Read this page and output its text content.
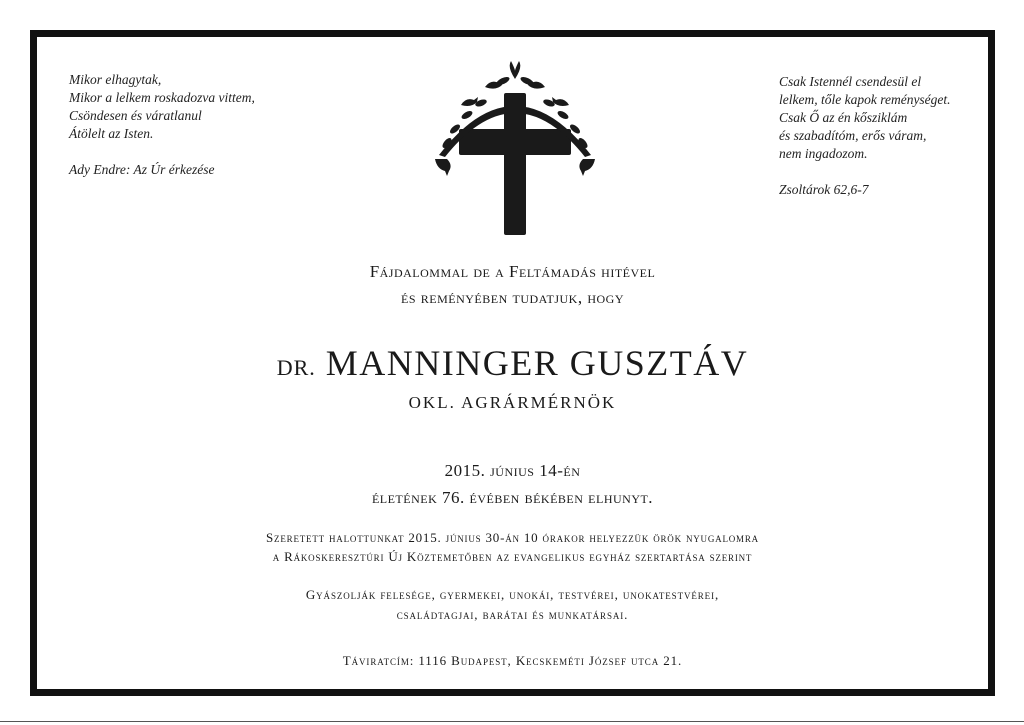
Mikor elhagytak,
Mikor a lelkem roskadozva vittem,
Csöndesen és váratlanul
Átölelt az Isten.
Ady Endre: Az Úr érkezése
Csak Istennél csendesül el
lelkem, tőle kapok reménységet.
Csak Ő az én kősziklám
és szabadítóm, erős váram,
nem ingadozom.
Zsoltárok 62,6-7
Fájdalommal de a Feltámadás hitével
és reményében tudatjuk, hogy
DR. MANNINGER GUSZTÁV
OKL. AGRÁRMÉRNÖK
2015. június 14-én
életének 76. évében békében elhunyt.
Szeretett halottunkat 2015. június 30-án 10 órakor helyezzük örök nyugalomra
a Rákoskeresztúri Új Köztemetőben az evangelikus egyház szertartása szerint
Gyászolják felesége, gyermekei, unokái, testvérei, unokatestvérei,
családtagjai, barátai és munkatársai.
Táviratcím: 1116 Budapest, Kecskeméti József utca 21.
